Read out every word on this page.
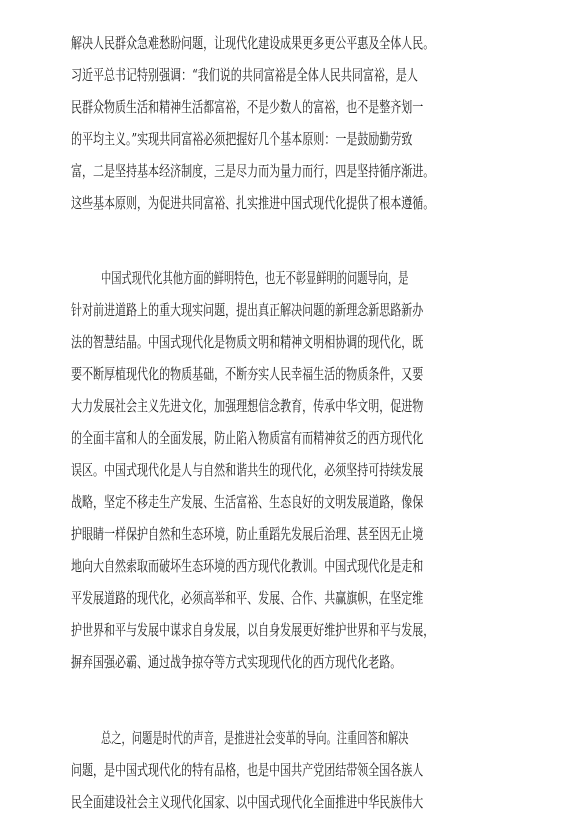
解决人民群众急难愁盼问题，让现代化建设成果更多更公平惠及全体人民。

习近平总书记特别强调：“我们说的共同富裕是全体人民共同富裕，是人

民群众物质生活和精神生活都富裕，不是少数人的富裕，也不是整齐划一

的平均主义。”实现共同富裕必须把握好几个基本原则：一是鼓励勤劳致

富，二是坚持基本经济制度，三是尽力而为量力而行，四是坚持循序渐进。

这些基本原则，为促进共同富裕、扎实推进中国式现代化提供了根本遵循。

中国式现代化其他方面的鲜明特色，也无不彰显鲜明的问题导向，是

针对前进道路上的重大现实问题，提出真正解决问题的新理念新思路新办

法的智慧结晶。中国式现代化是物质文明和精神文明相协调的现代化，既

要不断厚植现代化的物质基础，不断夯实人民幸福生活的物质条件，又要

大力发展社会主义先进文化，加强理想信念教育，传承中华文明，促进物

的全面丰富和人的全面发展，防止陷入物质富有而精神贫乏的西方现代化

误区。中国式现代化是人与自然和谐共生的现代化，必须坚持可持续发展

战略，坚定不移走生产发展、生活富裕、生态良好的文明发展道路，像保

护眼睛一样保护自然和生态环境，防止重蹈先发展后治理、甚至因无止境

地向大自然索取而破坏生态环境的西方现代化教训。中国式现代化是走和

平发展道路的现代化，必须高举和平、发展、合作、共赢旗帜，在坚定维

护世界和平与发展中谋求自身发展，以自身发展更好维护世界和平与发展，

摒弃国强必霸、通过战争掠夺等方式实现现代化的西方现代化老路。

总之，问题是时代的声音，是推进社会变革的导向。注重回答和解决

问题，是中国式现代化的特有品格，也是中国共产党团结带领全国各族人

民全面建设社会主义现代化国家、以中国式现代化全面推进中华民族伟大
